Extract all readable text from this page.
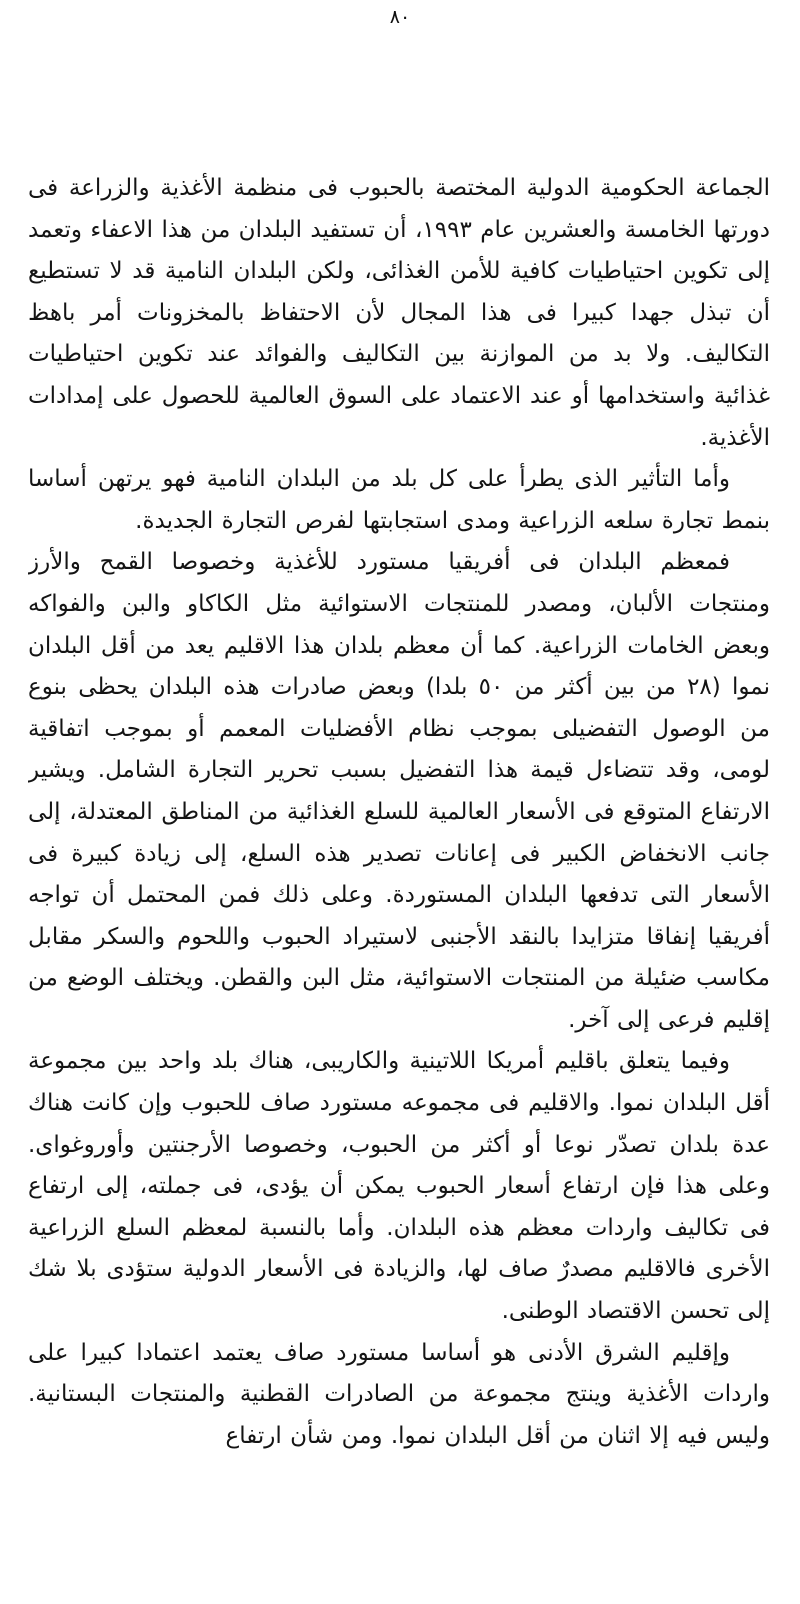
٨٠

الجماعة الحكومية الدولية المختصة بالحبوب فى منظمة الأغذية والزراعة فى دورتها الخامسة والعشرين عام ١٩٩٣، أن تستفيد البلدان من هذا الاعفاء وتعمد إلى تكوين احتياطيات كافية للأمن الغذائى، ولكن البلدان النامية قد لا تستطيع أن تبذل جهدا كبيرا فى هذا المجال لأن الاحتفاظ بالمخزونات أمر باهظ التكاليف. ولا بد من الموازنة بين التكاليف والفوائد عند تكوين احتياطيات غذائية واستخدامها أو عند الاعتماد على السوق العالمية للحصول على إمدادات الأغذية.

وأما التأثير الذى يطرأ على كل بلد من البلدان النامية فهو يرتهن أساسا بنمط تجارة سلعه الزراعية ومدى استجابتها لفرص التجارة الجديدة.

فمعظم البلدان فى أفريقيا مستورد للأغذية وخصوصا القمح والأرز ومنتجات الألبان، ومصدر للمنتجات الاستوائية مثل الكاكاو والبن والفواكه وبعض الخامات الزراعية. كما أن معظم بلدان هذا الاقليم يعد من أقل البلدان نموا (٢٨ من بين أكثر من ٥٠ بلدا) وبعض صادرات هذه البلدان يحظى بنوع من الوصول التفضيلى بموجب نظام الأفضليات المعمم أو بموجب اتفاقية لومى، وقد تتضاءل قيمة هذا التفضيل بسبب تحرير التجارة الشامل. ويشير الارتفاع المتوقع فى الأسعار العالمية للسلع الغذائية من المناطق المعتدلة، إلى جانب الانخفاض الكبير فى إعانات تصدير هذه السلع، إلى زيادة كبيرة فى الأسعار التى تدفعها البلدان المستوردة. وعلى ذلك فمن المحتمل أن تواجه أفريقيا إنفاقا متزايدا بالنقد الأجنبى لاستيراد الحبوب واللحوم والسكر مقابل مكاسب ضئيلة من المنتجات الاستوائية، مثل البن والقطن. ويختلف الوضع من إقليم فرعى إلى آخر.

وفيما يتعلق باقليم أمريكا اللاتينية والكاريبى، هناك بلد واحد بين مجموعة أقل البلدان نموا. والاقليم فى مجموعه مستورد صاف للحبوب وإن كانت هناك عدة بلدان تصدّر نوعا أو أكثر من الحبوب، وخصوصا الأرجنتين وأوروغواى. وعلى هذا فإن ارتفاع أسعار الحبوب يمكن أن يؤدى، فى جملته، إلى ارتفاع فى تكاليف واردات معظم هذه البلدان. وأما بالنسبة لمعظم السلع الزراعية الأخرى فالاقليم مصدرٌ صاف لها، والزيادة فى الأسعار الدولية ستؤدى بلا شك إلى تحسن الاقتصاد الوطنى.

وإقليم الشرق الأدنى هو أساسا مستورد صاف يعتمد اعتمادا كبيرا على واردات الأغذية وينتج مجموعة من الصادرات القطنية والمنتجات البستانية. وليس فيه إلا اثنان من أقل البلدان نموا. ومن شأن ارتفاع
